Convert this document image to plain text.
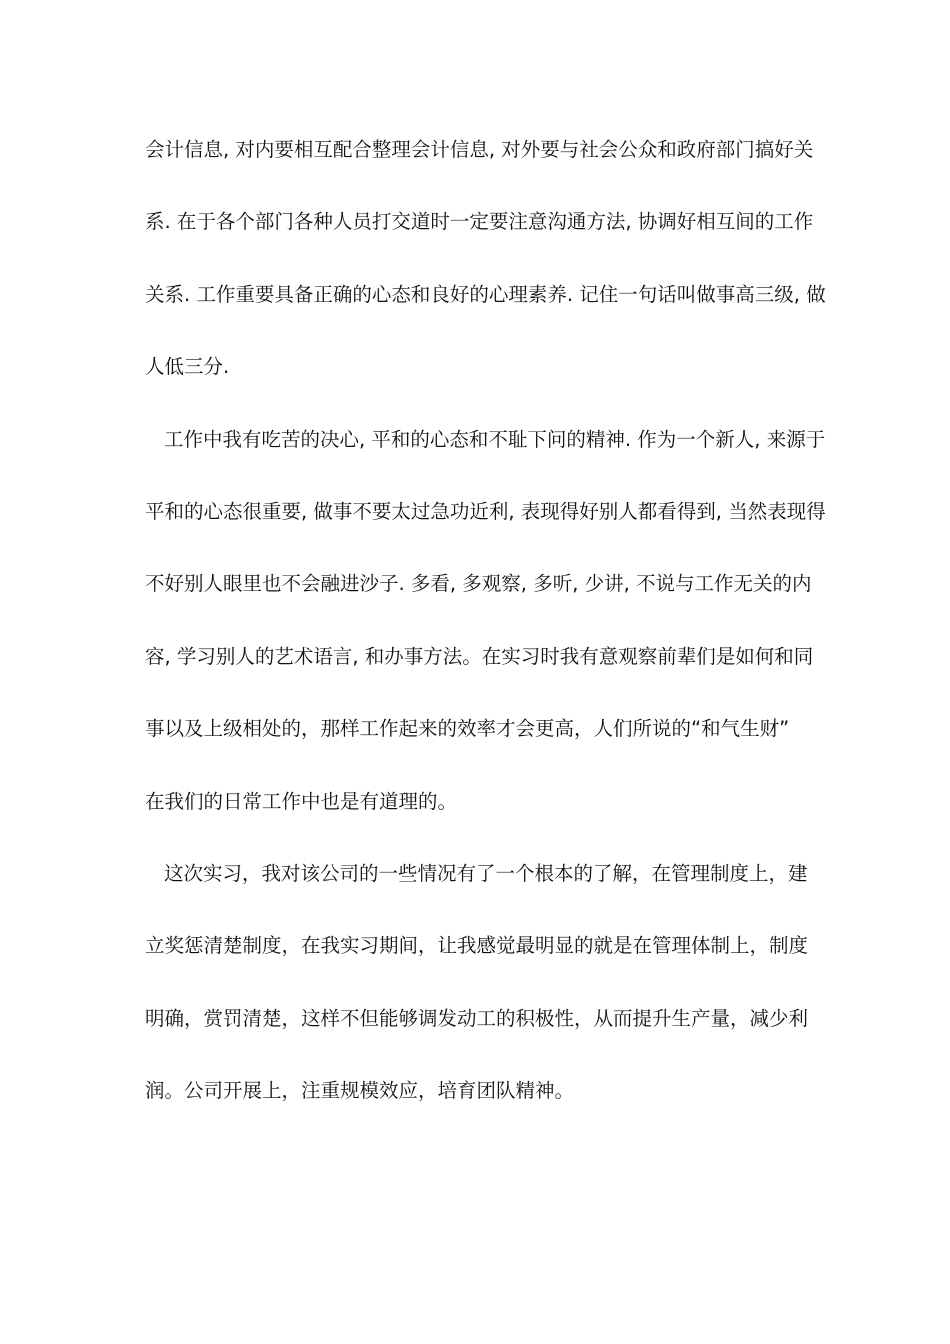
会计信息, 对内要相互配合整理会计信息, 对外要与社会公众和政府部门搞好关
系. 在于各个部门各种人员打交道时一定要注意沟通方法, 协调好相互间的工作
关系. 工作重要具备正确的心态和良好的心理素养. 记住一句话叫做事高三级, 做
人低三分.
工作中我有吃苦的决心, 平和的心态和不耻下问的精神. 作为一个新人, 来源于
平和的心态很重要, 做事不要太过急功近利, 表现得好别人都看得到, 当然表现得
不好别人眼里也不会融进沙子. 多看, 多观察, 多听, 少讲, 不说与工作无关的内
容, 学习别人的艺术语言, 和办事方法。在实习时我有意观察前辈们是如何和同
事以及上级相处的，那样工作起来的效率才会更高，人们所说的“和气生财”
在我们的日常工作中也是有道理的。
这次实习，我对该公司的一些情况有了一个根本的了解，在管理制度上，建
立奖惩清楚制度，在我实习期间，让我感觉最明显的就是在管理体制上，制度
明确，赏罚清楚，这样不但能够调发动工的积极性，从而提升生产量，减少利
润。公司开展上，注重规模效应，培育团队精神。
